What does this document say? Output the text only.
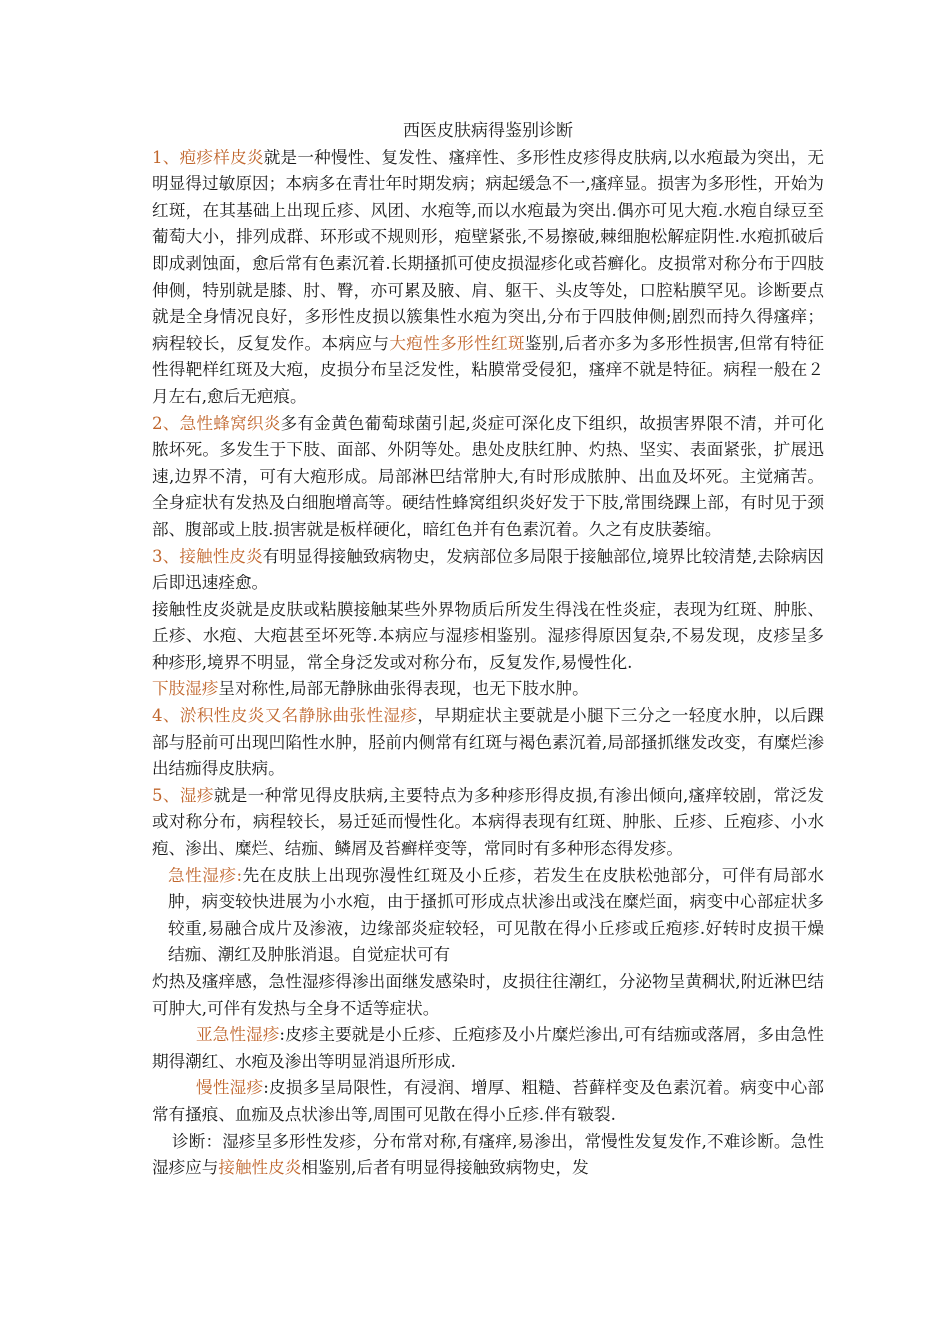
西医皮肤病得鉴别诊断

1、疱疹样皮炎就是一种慢性、复发性、瘙痒性、多形性皮疹得皮肤病,以水疱最为突出，无明显得过敏原因；本病多在青壮年时期发病；病起缓急不一,瘙痒显。损害为多形性，开始为红斑，在其基础上出现丘疹、风团、水疱等,而以水疱最为突出.偶亦可见大疱.水疱自绿豆至葡萄大小，排列成群、环形或不规则形，疱壁紧张,不易擦破,棘细胞松解症阴性.水疱抓破后即成剥蚀面，愈后常有色素沉着.长期搔抓可使皮损湿疹化或苔癣化。皮损常对称分布于四肢伸侧，特别就是膝、肘、臀，亦可累及腋、肩、躯干、头皮等处，口腔粘膜罕见。诊断要点就是全身情况良好，多形性皮损以簇集性水疱为突出,分布于四肢伸侧;剧烈而持久得瘙痒；病程较长，反复发作。本病应与大疱性多形性红斑鉴别,后者亦多为多形性损害,但常有特征性得靶样红斑及大疱，皮损分布呈泛发性，粘膜常受侵犯，瘙痒不就是特征。病程一般在２月左右,愈后无疤痕。

2、急性蜂窝织炎多有金黄色葡萄球菌引起,炎症可深化皮下组织，故损害界限不清，并可化脓坏死。多发生于下肢、面部、外阴等处。患处皮肤红肿、灼热、坚实、表面紧张，扩展迅速,边界不清，可有大疱形成。局部淋巴结常肿大,有时形成脓肿、出血及坏死。主觉痛苦。全身症状有发热及白细胞增高等。硬结性蜂窝组织炎好发于下肢,常围绕踝上部，有时见于颈部、腹部或上肢.损害就是板样硬化，暗红色并有色素沉着。久之有皮肤萎缩。

3、接触性皮炎有明显得接触致病物史，发病部位多局限于接触部位,境界比较清楚,去除病因后即迅速痊愈。

接触性皮炎就是皮肤或粘膜接触某些外界物质后所发生得浅在性炎症，表现为红斑、肿胀、丘疹、水疱、大疱甚至坏死等.本病应与湿疹相鉴别。湿疹得原因复杂,不易发现，皮疹呈多种疹形,境界不明显，常全身泛发或对称分布，反复发作,易慢性化.

下肢湿疹呈对称性,局部无静脉曲张得表现，也无下肢水肿。

4、淤积性皮炎又名静脉曲张性湿疹，早期症状主要就是小腿下三分之一轻度水肿，以后踝部与胫前可出现凹陷性水肿，胫前内侧常有红斑与褐色素沉着,局部搔抓继发改变，有糜烂渗出结痂得皮肤病。

5、湿疹就是一种常见得皮肤病,主要特点为多种疹形得皮损,有渗出倾向,瘙痒较剧，常泛发或对称分布，病程较长，易迁延而慢性化。本病得表现有红斑、肿胀、丘疹、丘疱疹、小水疱、渗出、糜烂、结痂、鳞屑及苔癣样变等，常同时有多种形态得发疹。

急性湿疹:先在皮肤上出现弥漫性红斑及小丘疹，若发生在皮肤松弛部分，可伴有局部水肿，病变较快进展为小水疱，由于搔抓可形成点状渗出或浅在糜烂面，病变中心部症状多较重,易融合成片及渗液，边缘部炎症较轻，可见散在得小丘疹或丘疱疹.好转时皮损干燥结痂、潮红及肿胀消退。自觉症状可有

灼热及瘙痒感，急性湿疹得渗出面继发感染时，皮损往往潮红，分泌物呈黄稠状,附近淋巴结可肿大,可伴有发热与全身不适等症状。

亚急性湿疹:皮疹主要就是小丘疹、丘疱疹及小片糜烂渗出,可有结痂或落屑，多由急性期得潮红、水疱及渗出等明显消退所形成.

慢性湿疹:皮损多呈局限性，有浸润、增厚、粗糙、苔藓样变及色素沉着。病变中心部常有搔痕、血痂及点状渗出等,周围可见散在得小丘疹.伴有皲裂.

诊断：湿疹呈多形性发疹，分布常对称,有瘙痒,易渗出，常慢性发复发作,不难诊断。急性湿疹应与接触性皮炎相鉴别,后者有明显得接触致病物史，发
